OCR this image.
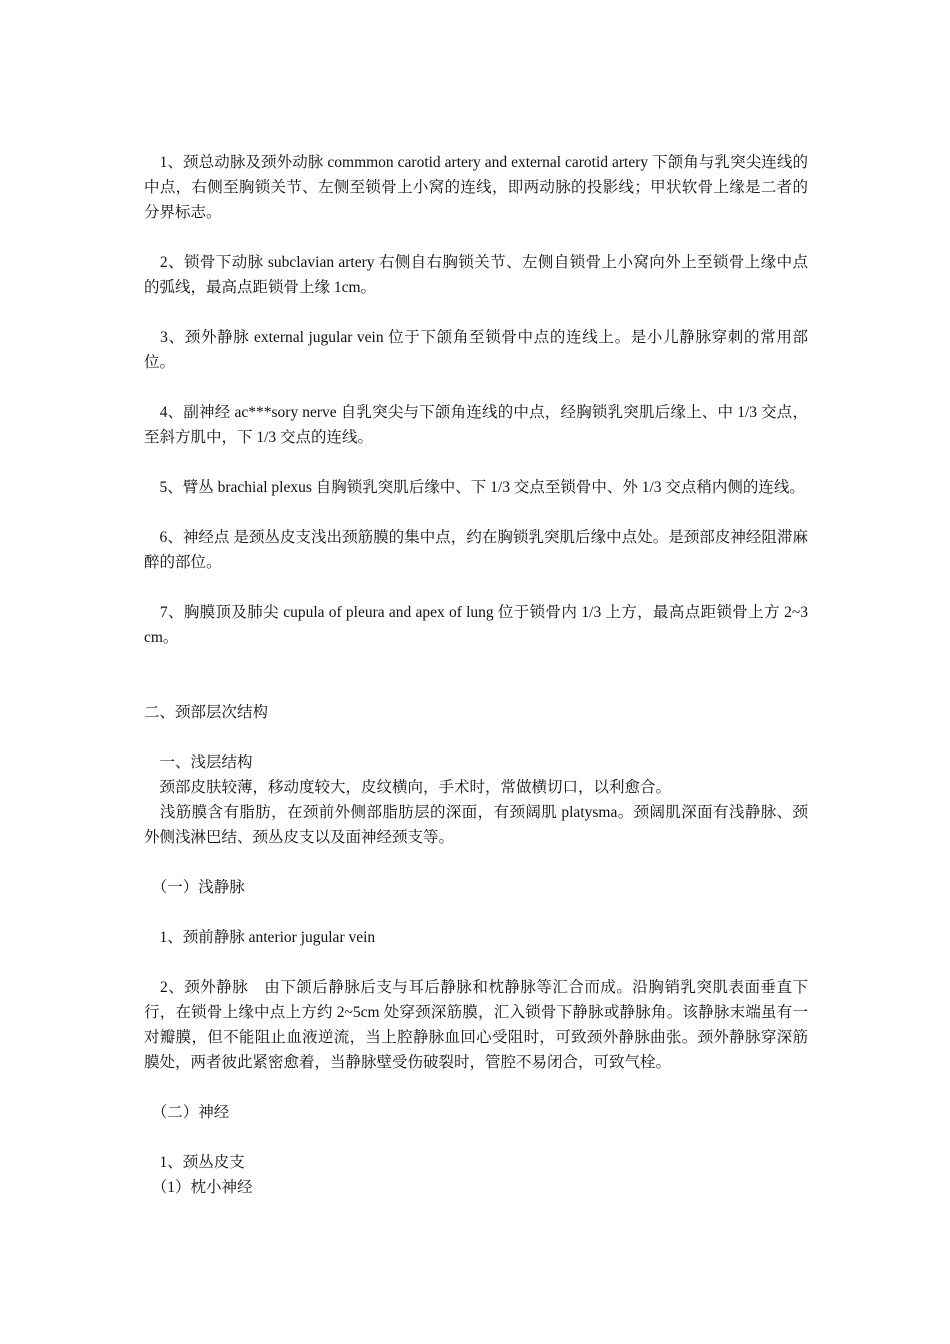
　1、颈总动脉及颈外动脉 commmon carotid artery and external carotid artery 下颌角与乳突尖连线的中点，右侧至胸锁关节、左侧至锁骨上小窝的连线，即两动脉的投影线；甲状软骨上缘是二者的分界标志。

　2、锁骨下动脉 subclavian artery 右侧自右胸锁关节、左侧自锁骨上小窝向外上至锁骨上缘中点的弧线，最高点距锁骨上缘 1cm。

　3、颈外静脉 external jugular vein 位于下颌角至锁骨中点的连线上。是小儿静脉穿刺的常用部位。

　4、副神经 ac***sory nerve 自乳突尖与下颌角连线的中点，经胸锁乳突肌后缘上、中 1/3 交点，至斜方肌中，下 1/3 交点的连线。

　5、臂丛 brachial plexus 自胸锁乳突肌后缘中、下 1/3 交点至锁骨中、外 1/3 交点稍内侧的连线。

　6、神经点 是颈丛皮支浅出颈筋膜的集中点，约在胸锁乳突肌后缘中点处。是颈部皮神经阻滞麻醉的部位。

　7、胸膜顶及肺尖 cupula of pleura and apex of lung 位于锁骨内 1/3 上方，最高点距锁骨上方 2~3 cm。

二、颈部层次结构

　一、浅层结构

　颈部皮肤较薄，移动度较大，皮纹横向，手术时，常做横切口，以利愈合。

　浅筋膜含有脂肪，在颈前外侧部脂肪层的深面，有颈阔肌 platysma。颈阔肌深面有浅静脉、颈外侧浅淋巴结、颈丛皮支以及面神经颈支等。

　（一）浅静脉

　1、颈前静脉 anterior jugular vein

　2、颈外静脉　由下颌后静脉后支与耳后静脉和枕静脉等汇合而成。沿胸销乳突肌表面垂直下行，在锁骨上缘中点上方约 2~5cm 处穿颈深筋膜，汇入锁骨下静脉或静脉角。该静脉末端虽有一对瓣膜，但不能阻止血液逆流，当上腔静脉血回心受阻时，可致颈外静脉曲张。颈外静脉穿深筋膜处，两者彼此紧密愈着，当静脉壁受伤破裂时，管腔不易闭合，可致气栓。

　（二）神经

　1、颈丛皮支

　（1）枕小神经
